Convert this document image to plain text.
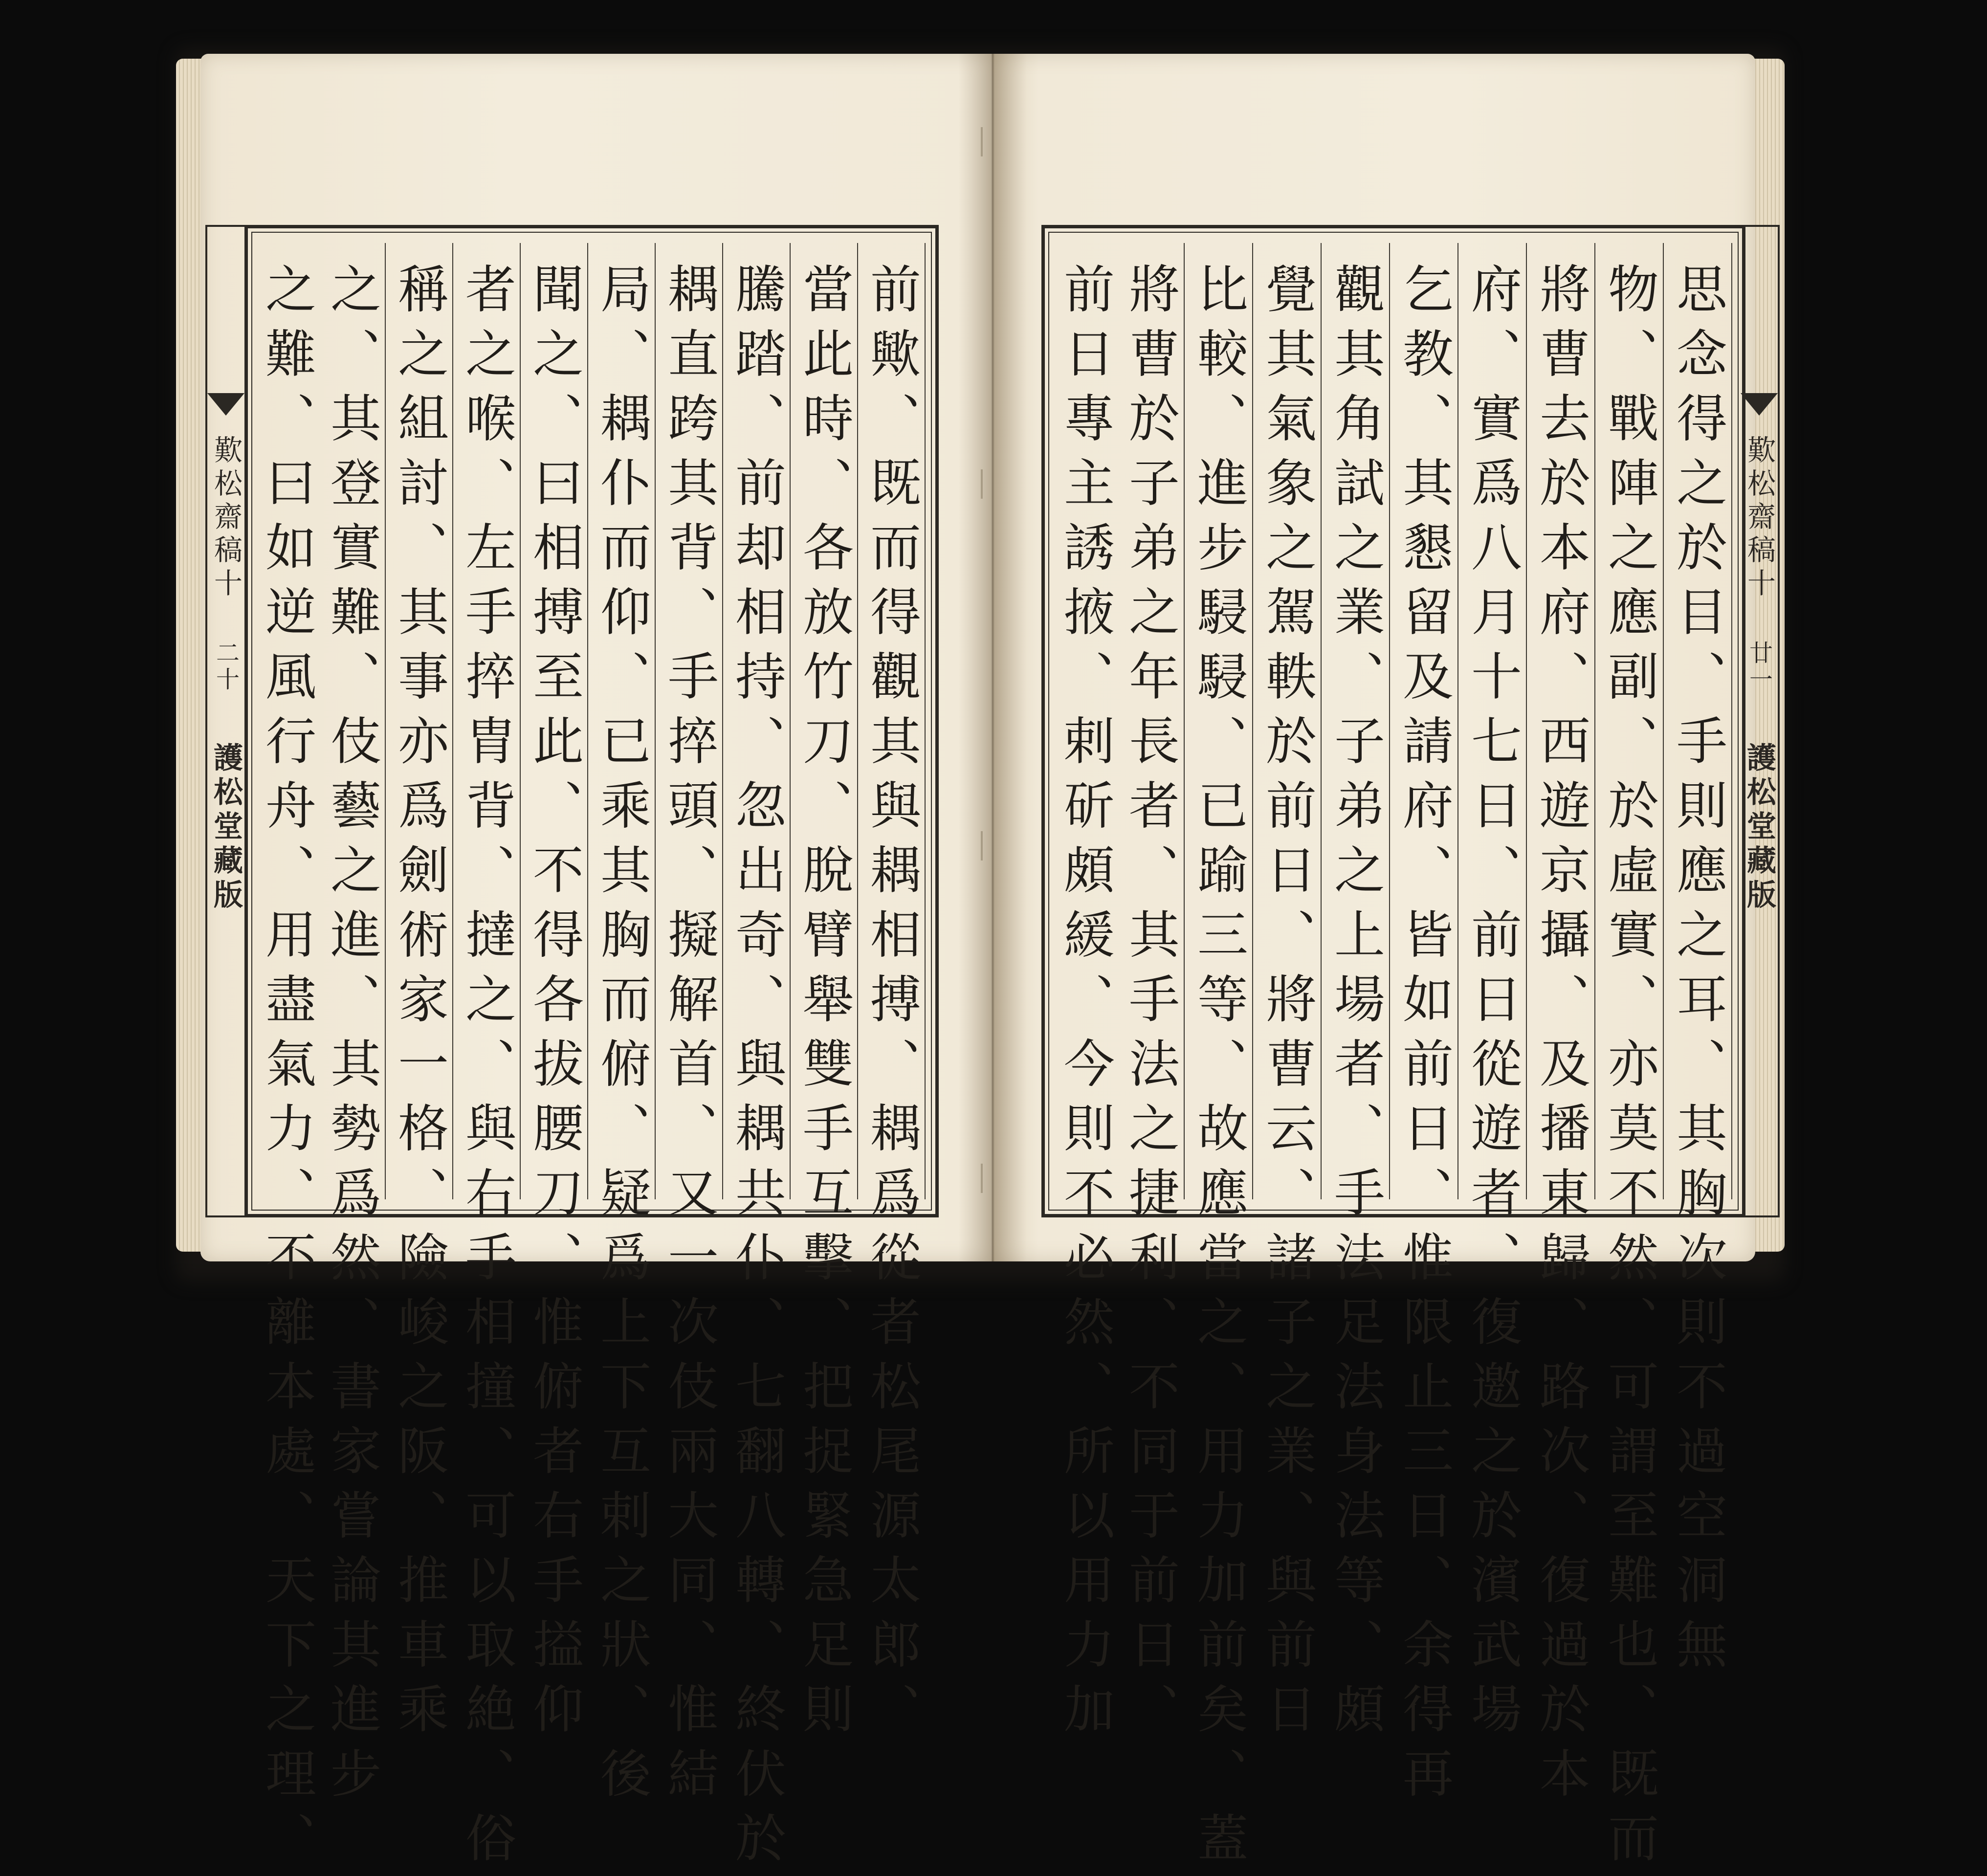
歎松齋稿十
二十
護松堂藏版	前歟、既而得觀其與耦相搏、耦爲從者松尾源太郎、
當此時、各放竹刀、脫臂舉雙手互擊、把捉緊急足則
騰踏、前却相持、忽出奇、與耦共仆、七翻八轉、終伏於
耦直跨其背、手捽頭、擬解首、又一次伎兩大同、惟結
局、耦仆而仰、已乘其胸而俯、疑爲上下互剌之狀、後
聞之、曰相搏至此、不得各拔腰刀、惟俯者右手搤仰
者之喉、左手捽胄背、撻之、與右手相撞、可以取絶、俗
稱之組討、其事亦爲劍術家一格、險峻之阪、推車乘
之、其登實難、伎藝之進、其勢爲然、書家嘗論其進步
之難、曰如逆風行舟、用盡氣力、不離本處、天下之理、	思念得之於目、手則應之耳、其胸次則不過空洞無
物、戰陣之應副、於虛實、亦莫不然、可謂至難也、既而
將曹去於本府、西遊京攝、及播東歸、路次、復過於本
府、實爲八月十七日、前日從遊者、復邀之於濱武場
乞教、其懇留及請府、皆如前日、惟限止三日、余得再
觀其角試之業、子弟之上場者、手法足法身法等、頗
覺其氣象之駕軼於前日、將曹云、諸子之業、與前日
比較、進步駸駸、已踰三等、故應當之、用力加前矣、蓋
將曹於子弟之年長者、其手法之捷利、不同于前日、
前日專主誘掖、剌斫頗緩、今則不必然、所以用力加	歎松齋稿十
廿一
護松堂藏版
